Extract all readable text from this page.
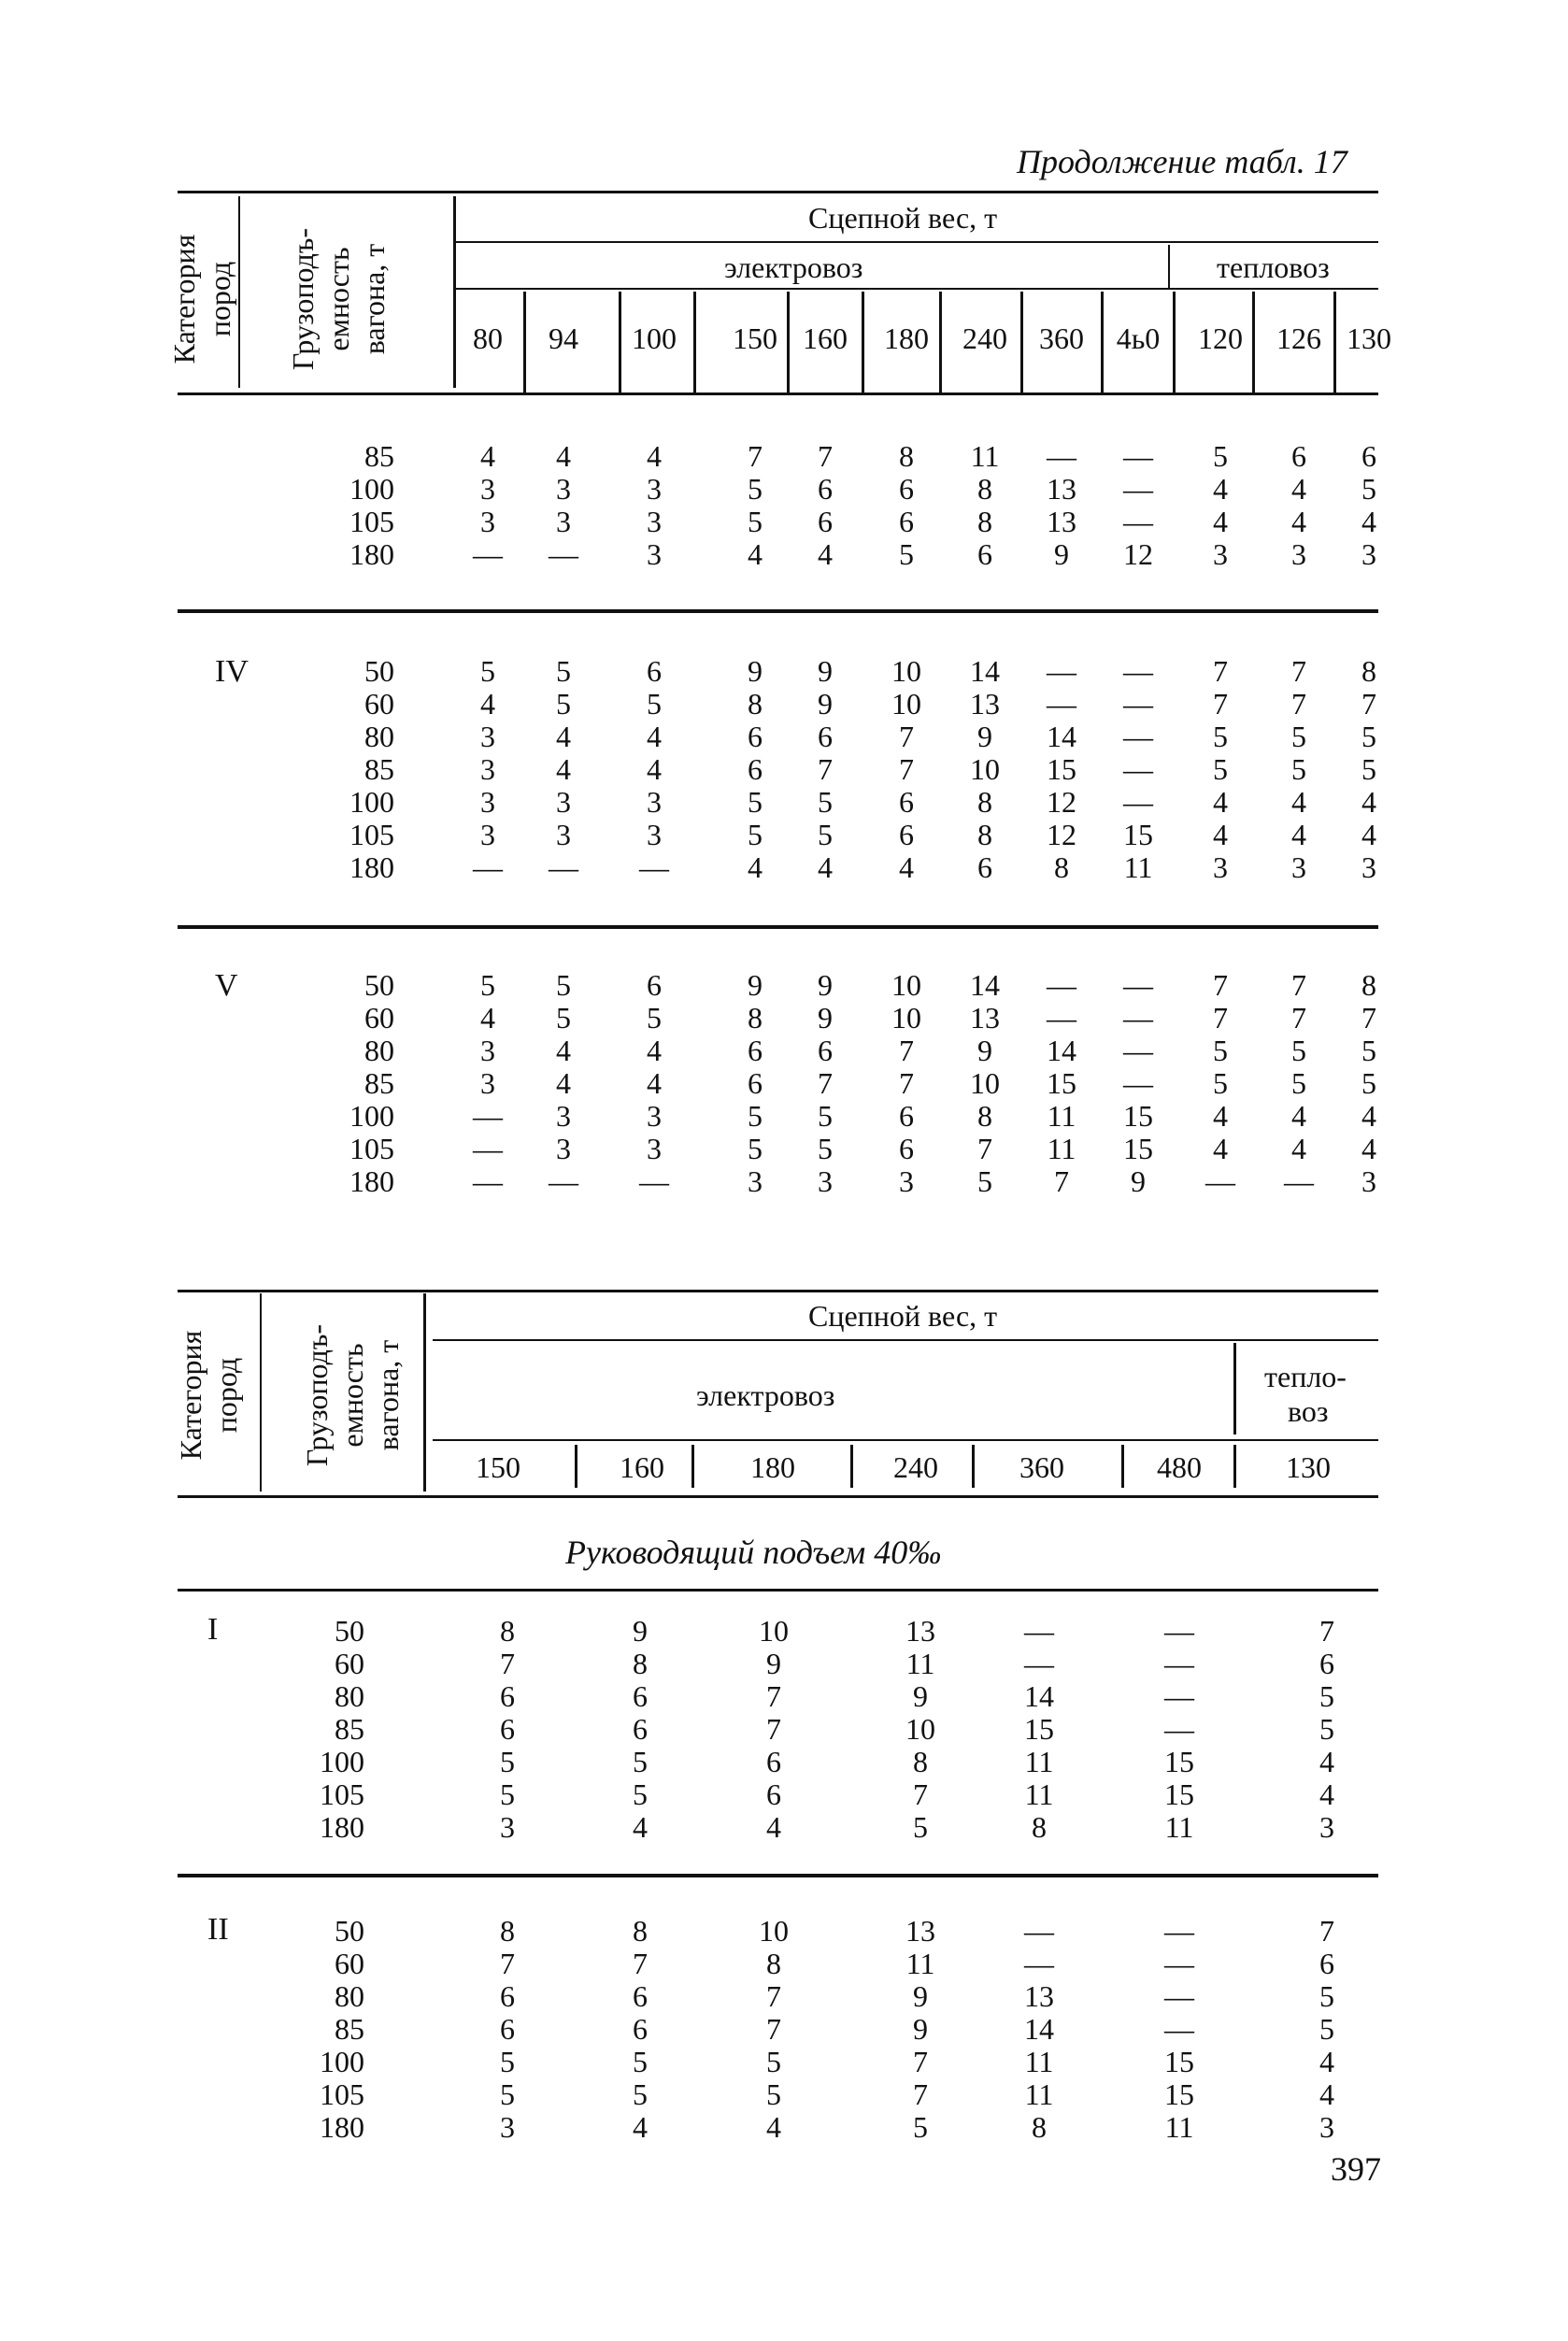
Продолжение табл. 17
Категория пород Грузоподъ- емность вагона, т
Сцепной вес, т
электровоз	тепловоз
80	94	100 150 160 180 240 360 4ь0 120 126 130
85	4	4	4	7	7	8	11	—	—	5	6	6
100	3	3	3	5	6	6	8	13	—	4	4	5
105	3	3	3	5	6	6	8	13	—	4	4	4
180	—	—	3	4	4	5	6	9	12	3	3	3
IV	50	5	5	6	9	9	10	14	—	—	7	7	8
60	4	5	5	8	9	10	13	—	—	7	7	7
80	3	4	4	6	6	7	9	14	—	5	5	5
85	3	4	4	6	7	7	10	15	—	5	5	5
100	3	3	3	5	5	6	8	12	—	4	4	4
105	3	3	3	5	5	6	8	12	15	4	4	4
180	—	—	—	4	4	4	6	8	11	3	3	3
V	50	5	5	6	9	9	10	14	—	—	7	7	8
60	4	5	5	8	9	10	13	—	—	7	7	7
80	3	4	4	6	6	7	9	14	—	5	5	5
85	3	4	4	6	7	7	10	15	—	5	5	5
100	—	3	3	5	5	6	8	11	15	4	4	4
105	—	3	3	5	5	6	7	11	15	4	4	4
180	—	—	—	3	3	3	5	7	9	—	—	3
Категория пород Грузоподъ- емность вагона, т
Сцепной вес, т
электровоз
тепло-
воз
150	160	180	240	360	480	130
Руководящий подъем 40‰
I	50	8	9	10	13	—	—	7
60	7	8	9	11	—	—	6
80	6	6	7	9	14	—	5
85	6	6	7	10	15	—	5
100	5	5	6	8	11	15	4
105	5	5	6	7	11	15	4
180	3	4	4	5	8	11	3
II	50	8	8	10	13	—	—	7
60	7	7	8	11	—	—	6
80	6	6	7	9	13	—	5
85	6	6	7	9	14	—	5
100	5	5	5	7	11	15	4
105	5	5	5	7	11	15	4
180	3	4	4	5	8	11	3
397
